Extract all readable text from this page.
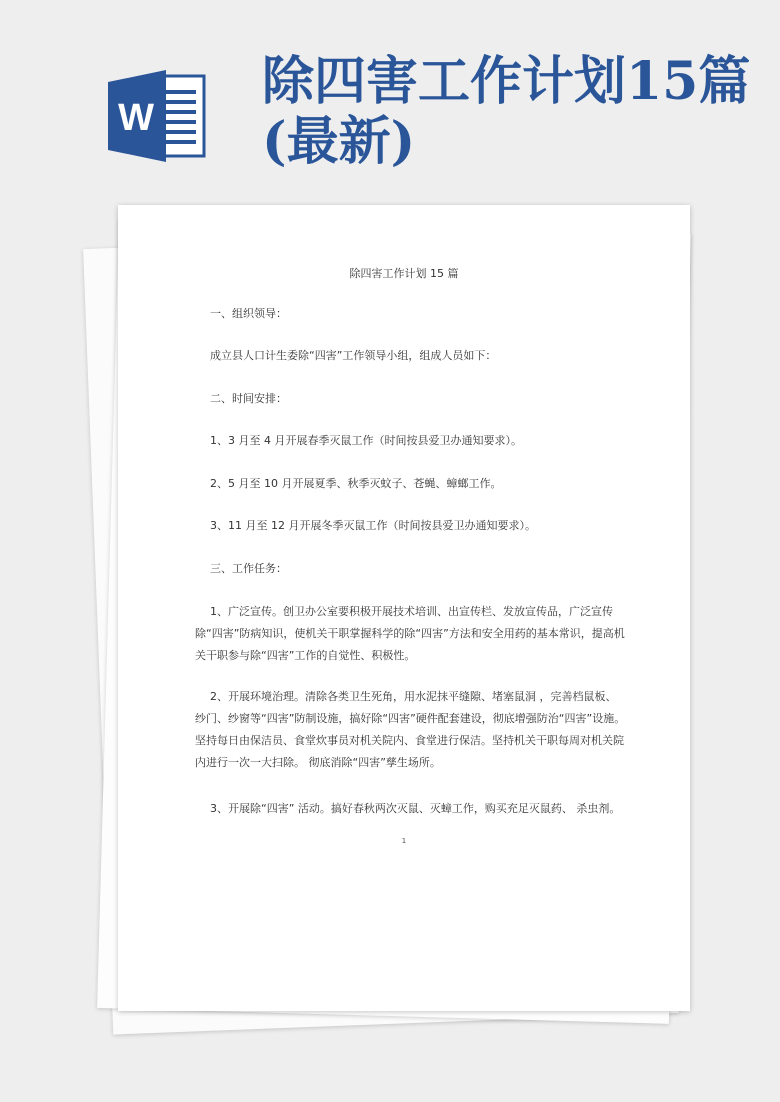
W
除四害工作计划15篇(最新)
除四害工作计划 15 篇

一、组织领导：

成立县人口计生委除“四害”工作领导小组，组成人员如下：

二、时间安排：

1、3 月至 4 月开展春季灭鼠工作（时间按县爱卫办通知要求）。

2、5 月至 10 月开展夏季、秋季灭蚊子、苍蝇、蟑螂工作。

3、11 月至 12 月开展冬季灭鼠工作（时间按县爱卫办通知要求）。

三、工作任务：

1、广泛宣传。创卫办公室要积极开展技术培训、出宣传栏、发放宣传品，广泛宣传除“四害”防病知识，使机关干职掌握科学的除“四害”方法和安全用药的基本常识，提高机关干职参与除“四害”工作的自觉性、积极性。

2、开展环境治理。清除各类卫生死角，用水泥抹平缝隙、堵塞鼠洞 ，完善档鼠板、纱门、纱窗等“四害”防制设施，搞好除“四害”硬件配套建设，彻底增强防治“四害”设施。坚持每日由保洁员、食堂炊事员对机关院内、食堂进行保洁。坚持机关干职每周对机关院内进行一次一大扫除。 彻底消除“四害”孳生场所。

3、开展除“四害” 活动。搞好春秋两次灭鼠、灭蟑工作，购买充足灭鼠药、 杀虫剂。

1
